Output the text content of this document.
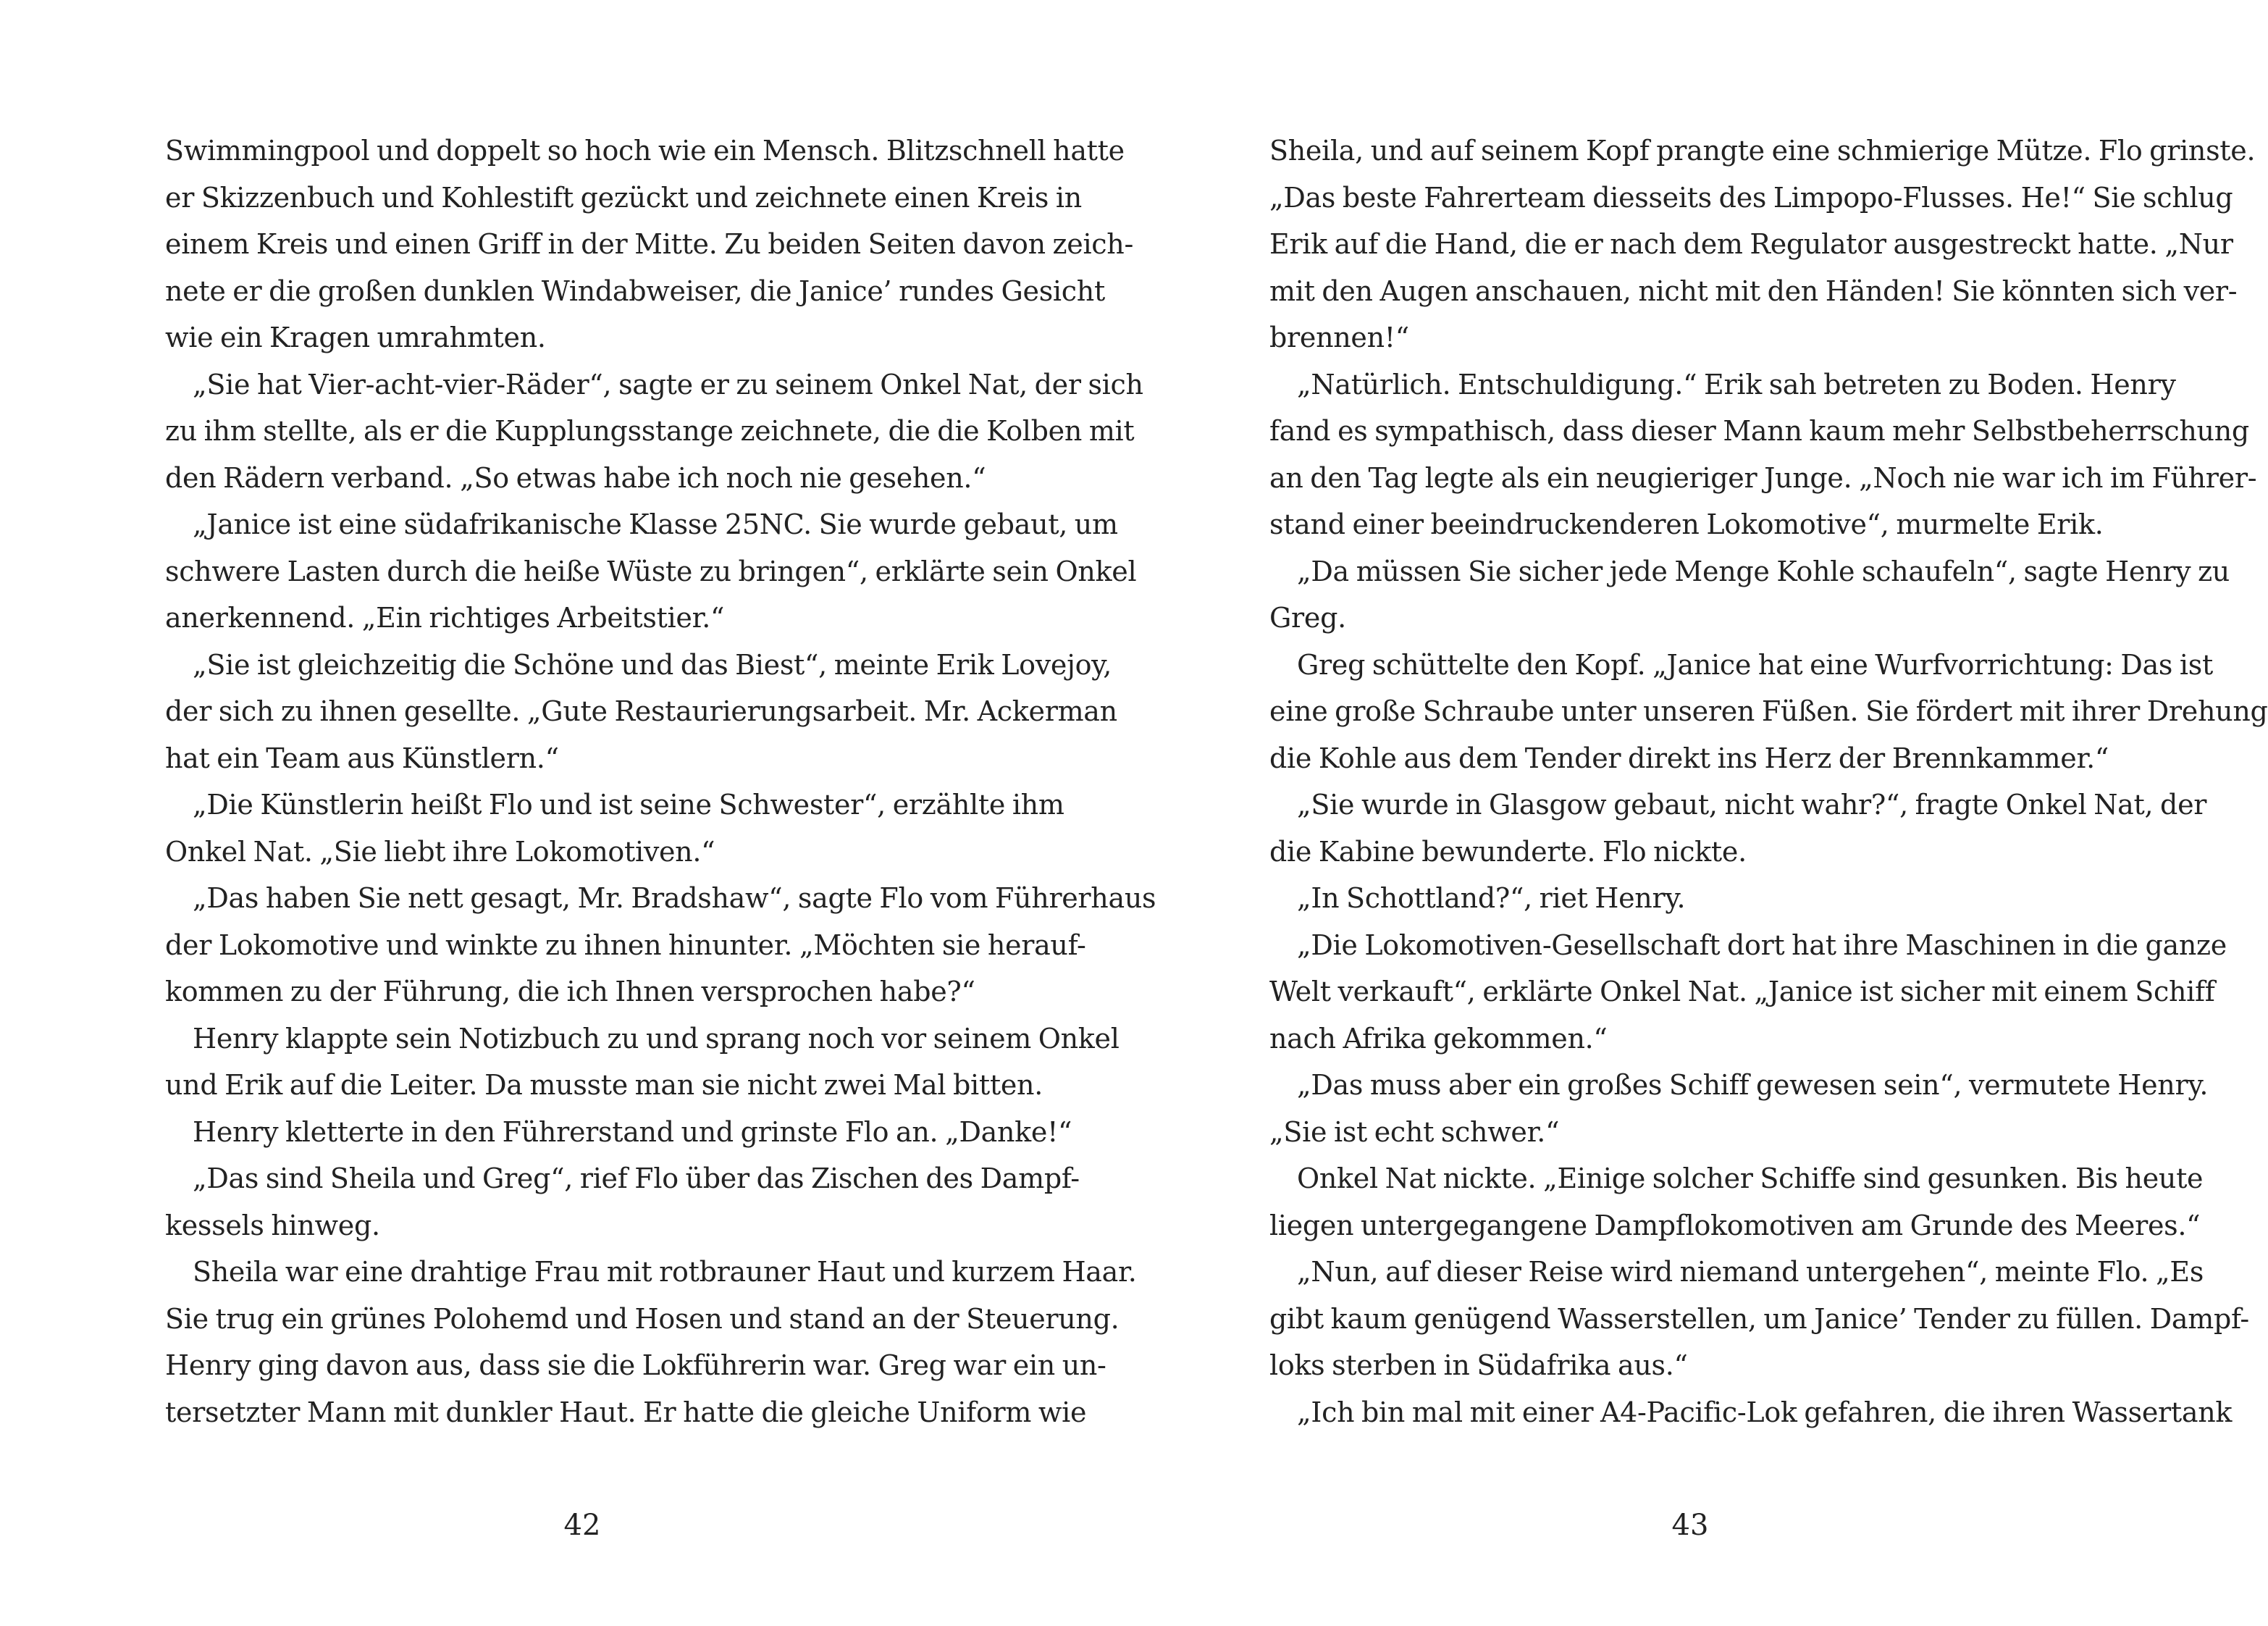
Swimmingpool und doppelt so hoch wie ein Mensch. Blitzschnell hatte
er Skizzenbuch und Kohlestift gezückt und zeichnete einen Kreis in
einem Kreis und einen Griff in der Mitte. Zu beiden Seiten davon zeich-
nete er die großen dunklen Windabweiser, die Janice’ rundes Gesicht
wie ein Kragen umrahmten.
„Sie hat Vier-acht-vier-Räder“, sagte er zu seinem Onkel Nat, der sich
zu ihm stellte, als er die Kupplungsstange zeichnete, die die Kolben mit
den Rädern verband. „So etwas habe ich noch nie gesehen.“
„Janice ist eine südafrikanische Klasse 25NC. Sie wurde gebaut, um
schwere Lasten durch die heiße Wüste zu bringen“, erklärte sein Onkel
anerkennend. „Ein richtiges Arbeitstier.“
„Sie ist gleichzeitig die Schöne und das Biest“, meinte Erik Lovejoy,
der sich zu ihnen gesellte. „Gute Restaurierungsarbeit. Mr. Ackerman
hat ein Team aus Künstlern.“
„Die Künstlerin heißt Flo und ist seine Schwester“, erzählte ihm
Onkel Nat. „Sie liebt ihre Lokomotiven.“
„Das haben Sie nett gesagt, Mr. Bradshaw“, sagte Flo vom Führerhaus
der Lokomotive und winkte zu ihnen hinunter. „Möchten sie herauf-
kommen zu der Führung, die ich Ihnen versprochen habe?“
Henry klappte sein Notizbuch zu und sprang noch vor seinem Onkel
und Erik auf die Leiter. Da musste man sie nicht zwei Mal bitten.
Henry kletterte in den Führerstand und grinste Flo an. „Danke!“
„Das sind Sheila und Greg“, rief Flo über das Zischen des Dampf-
kessels hinweg.
Sheila war eine drahtige Frau mit rotbrauner Haut und kurzem Haar.
Sie trug ein grünes Polohemd und Hosen und stand an der Steuerung.
Henry ging davon aus, dass sie die Lokführerin war. Greg war ein un-
tersetzter Mann mit dunkler Haut. Er hatte die gleiche Uniform wie
42
Sheila, und auf seinem Kopf prangte eine schmierige Mütze. Flo grinste.
„Das beste Fahrerteam diesseits des Limpopo-Flusses. He!“ Sie schlug
Erik auf die Hand, die er nach dem Regulator ausgestreckt hatte. „Nur
mit den Augen anschauen, nicht mit den Händen! Sie könnten sich ver-
brennen!“
„Natürlich. Entschuldigung.“ Erik sah betreten zu Boden. Henry
fand es sympathisch, dass dieser Mann kaum mehr Selbstbeherrschung
an den Tag legte als ein neugieriger Junge. „Noch nie war ich im Führer-
stand einer beeindruckenderen Lokomotive“, murmelte Erik.
„Da müssen Sie sicher jede Menge Kohle schaufeln“, sagte Henry zu
Greg.
Greg schüttelte den Kopf. „Janice hat eine Wurfvorrichtung: Das ist
eine große Schraube unter unseren Füßen. Sie fördert mit ihrer Drehung
die Kohle aus dem Tender direkt ins Herz der Brennkammer.“
„Sie wurde in Glasgow gebaut, nicht wahr?“, fragte Onkel Nat, der
die Kabine bewunderte. Flo nickte.
„In Schottland?“, riet Henry.
„Die Lokomotiven-Gesellschaft dort hat ihre Maschinen in die ganze
Welt verkauft“, erklärte Onkel Nat. „Janice ist sicher mit einem Schiff
nach Afrika gekommen.“
„Das muss aber ein großes Schiff gewesen sein“, vermutete Henry.
„Sie ist echt schwer.“
Onkel Nat nickte. „Einige solcher Schiffe sind gesunken. Bis heute
liegen untergegangene Dampflokomotiven am Grunde des Meeres.“
„Nun, auf dieser Reise wird niemand untergehen“, meinte Flo. „Es
gibt kaum genügend Wasserstellen, um Janice’ Tender zu füllen. Dampf-
loks sterben in Südafrika aus.“
„Ich bin mal mit einer A4-Pacific-Lok gefahren, die ihren Wassertank
43
